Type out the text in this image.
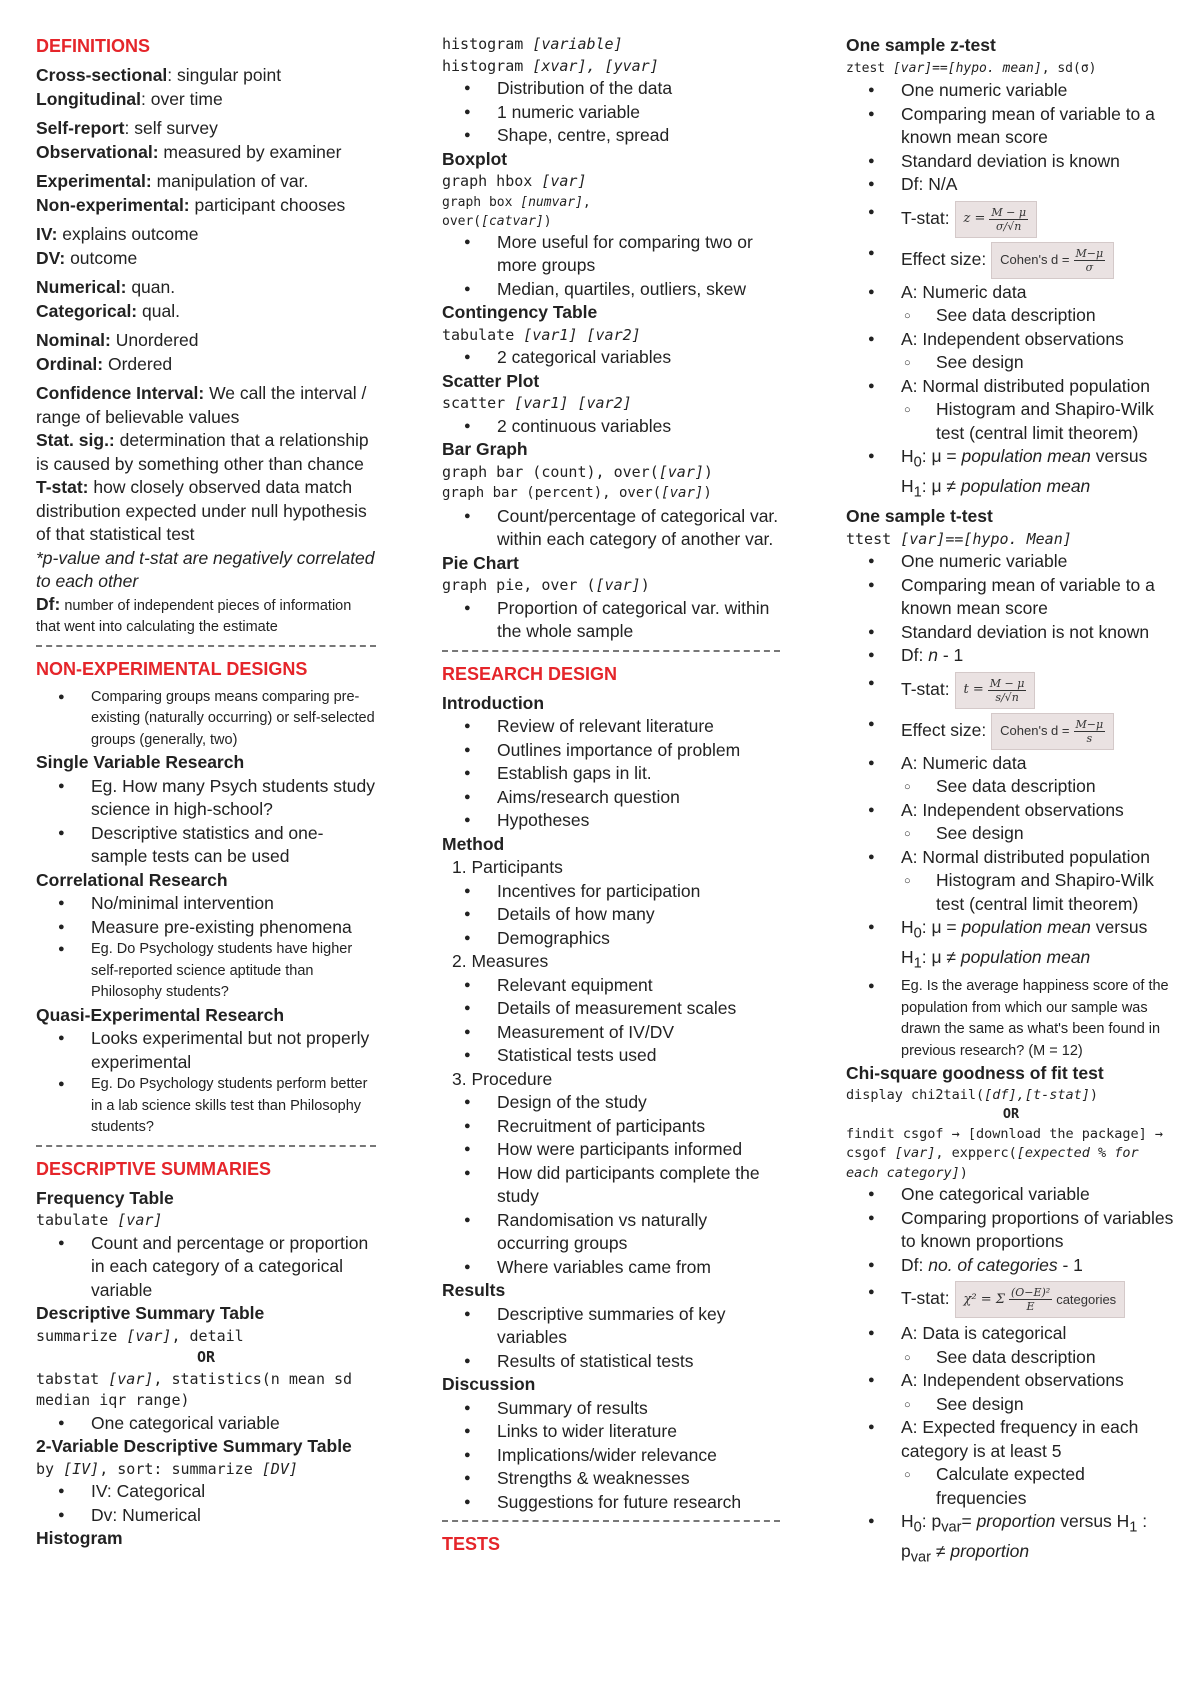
DEFINITIONS
Cross-sectional: singular point
Longitudinal: over time
Self-report: self survey
Observational: measured by examiner
Experimental: manipulation of var.
Non-experimental: participant chooses
IV: explains outcome
DV: outcome
Numerical: quan.
Categorical: qual.
Nominal: Unordered
Ordinal: Ordered
Confidence Interval: We call the interval / range of believable values
Stat. sig.: determination that a relationship is caused by something other than chance
T-stat: how closely observed data match distribution expected under null hypothesis of that statistical test
*p-value and t-stat are negatively correlated to each other
Df: number of independent pieces of information that went into calculating the estimate
NON-EXPERIMENTAL DESIGNS
● Comparing groups means comparing pre-existing (naturally occurring) or self-selected groups (generally, two)
Single Variable Research
● Eg. How many Psych students study science in high-school?
● Descriptive statistics and one-sample tests can be used
Correlational Research
● No/minimal intervention
● Measure pre-existing phenomena
● Eg. Do Psychology students have higher self-reported science aptitude than Philosophy students?
Quasi-Experimental Research
● Looks experimental but not properly experimental
● Eg. Do Psychology students perform better in a lab science skills test than Philosophy students?
DESCRIPTIVE SUMMARIES
Frequency Table
tabulate [var]
● Count and percentage or proportion in each category of a categorical variable
Descriptive Summary Table
summarize [var], detail
OR
tabstat [var], statistics(n mean sd median iqr range)
● One categorical variable
2-Variable Descriptive Summary Table
by [IV], sort: summarize [DV]
● IV: Categorical
● Dv: Numerical
Histogram
histogram [variable]
histogram [xvar], [yvar]
● Distribution of the data
● 1 numeric variable
● Shape, centre, spread
Boxplot
graph hbox [var]
graph box [numvar],
over([catvar])
● More useful for comparing two or more groups
● Median, quartiles, outliers, skew
Contingency Table
tabulate [var1] [var2]
● 2 categorical variables
Scatter Plot
scatter [var1] [var2]
● 2 continuous variables
Bar Graph
graph bar (count), over([var])
graph bar (percent), over([var])
● Count/percentage of categorical var. within each category of another var.
Pie Chart
graph pie, over ([var])
● Proportion of categorical var. within the whole sample
RESEARCH DESIGN
Introduction
● Review of relevant literature
● Outlines importance of problem
● Establish gaps in lit.
● Aims/research question
● Hypotheses
Method
1. Participants
● Incentives for participation
● Details of how many
● Demographics
2. Measures
● Relevant equipment
● Details of measurement scales
● Measurement of IV/DV
● Statistical tests used
3. Procedure
● Design of the study
● Recruitment of participants
● How were participants informed
● How did participants complete the study
● Randomisation vs naturally occurring groups
● Where variables came from
Results
● Descriptive summaries of key variables
● Results of statistical tests
Discussion
● Summary of results
● Links to wider literature
● Implications/wider relevance
● Strengths & weaknesses
● Suggestions for future research
TESTS
One sample z-test
ztest [var]==[hypo. mean], sd(σ)
● One numeric variable
● Comparing mean of variable to a known mean score
● Standard deviation is known
● Df: N/A
● T-stat: $z = \frac{M - \mu}{\sigma/√n}$
● Effect size: Cohen's $d = \frac{M-\mu}{\sigma}$
● A: Numeric data
○ See data description
● A: Independent observations
○ See design
● A: Normal distributed population
○ Histogram and Shapiro-Wilk test (central limit theorem)
● $H_0$: μ = population mean versus
$H_1$: μ ≠ population mean
One sample t-test
ttest [var]==[hypo. Mean]
● One numeric variable
● Comparing mean of variable to a known mean score
● Standard deviation is not known
● Df: n - 1
● T-stat: $t = \frac{M - \mu}{s/√n}$
● Effect size: Cohen's $d = \frac{M-\mu}{s}$
● A: Numeric data
○ See data description
● A: Independent observations
○ See design
● A: Normal distributed population
○ Histogram and Shapiro-Wilk test (central limit theorem)
● $H_0$: μ = population mean versus
$H_1$: μ ≠ population mean
● Eg. Is the average happiness score of the population from which our sample was drawn the same as what's been found in previous research? (M = 12)
Chi-square goodness of fit test
display chi2tail([df],[t-stat])
OR
findit csgof → [download the package] → csgof [var], expperc([expected % for each category])
● One categorical variable
● Comparing proportions of variables to known proportions
● Df: no. of categories - 1
● T-stat: χ² = Σ $\frac{\text{(O−E)²}}{E}$ categories
● A: Data is categorical
○ See data description
● A: Independent observations
○ See design
● A: Expected frequency in each category is at least 5
○ Calculate expected frequencies
● $H_0$: $p_{var}=$ proportion versus $H_1$ :
$p_{var}$ ≠ proportion
